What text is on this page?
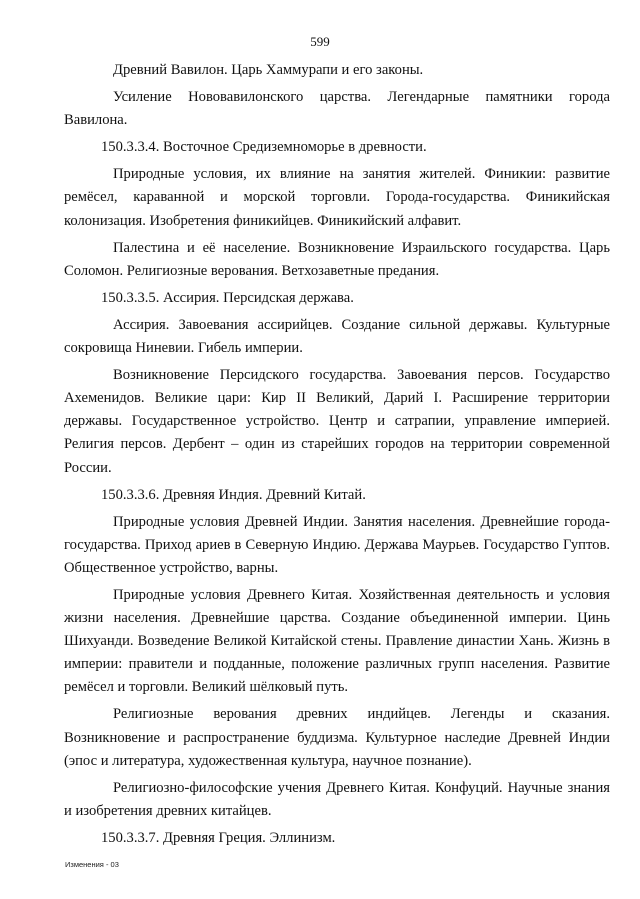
599

Древний Вавилон. Царь Хаммурапи и его законы.

Усиление Нововавилонского царства. Легендарные памятники города Вавилона.

150.3.3.4. Восточное Средиземноморье в древности.

Природные условия, их влияние на занятия жителей. Финикии: развитие ремёсел, караванной и морской торговли. Города-государства. Финикийская колонизация. Изобретения финикийцев. Финикийский алфавит.

Палестина и её население. Возникновение Израильского государства. Царь Соломон. Религиозные верования. Ветхозаветные предания.

150.3.3.5. Ассирия. Персидская держава.

Ассирия. Завоевания ассирийцев. Создание сильной державы. Культурные сокровища Ниневии. Гибель империи.

Возникновение Персидского государства. Завоевания персов. Государство Ахеменидов. Великие цари: Кир II Великий, Дарий I. Расширение территории державы. Государственное устройство. Центр и сатрапии, управление империей. Религия персов. Дербент – один из старейших городов на территории современной России.

150.3.3.6. Древняя Индия. Древний Китай.

Природные условия Древней Индии. Занятия населения. Древнейшие города-государства. Приход ариев в Северную Индию. Держава Маурьев. Государство Гуптов. Общественное устройство, варны.

Природные условия Древнего Китая. Хозяйственная деятельность и условия жизни населения. Древнейшие царства. Создание объединенной империи. Цинь Шихуанди. Возведение Великой Китайской стены. Правление династии Хань. Жизнь в империи: правители и подданные, положение различных групп населения. Развитие ремёсел и торговли. Великий шёлковый путь.

Религиозные верования древних индийцев. Легенды и сказания. Возникновение и распространение буддизма. Культурное наследие Древней Индии (эпос и литература, художественная культура, научное познание).

Религиозно-философские учения Древнего Китая. Конфуций. Научные знания и изобретения древних китайцев.

150.3.3.7. Древняя Греция. Эллинизм.

Изменения - 03
